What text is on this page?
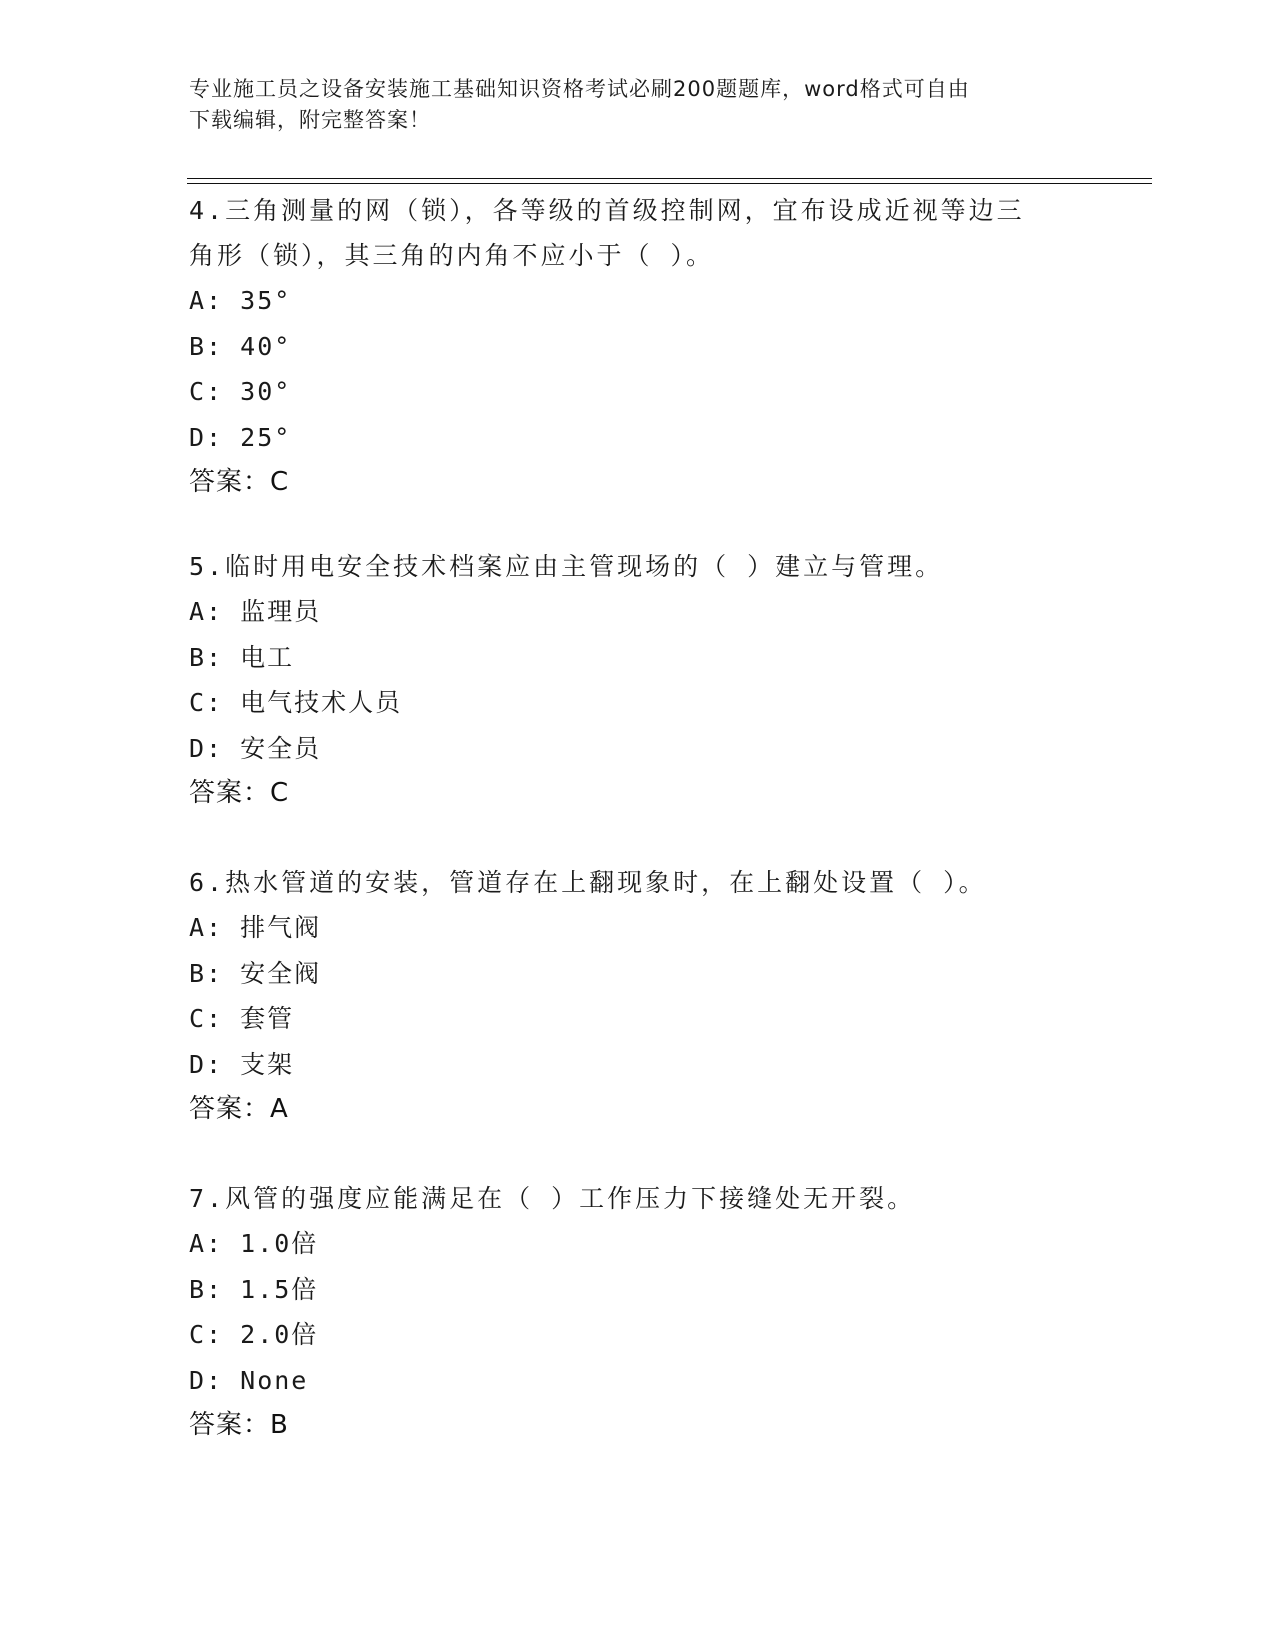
专业施工员之设备安装施工基础知识资格考试必刷200题题库，word格式可自由
下载编辑，附完整答案！

4.三角测量的网（锁），各等级的首级控制网，宜布设成近视等边三

角形（锁），其三角的内角不应小于（ ）。

A: 35°

B: 40°

C: 30°

D: 25°

答案：C

5.临时用电安全技术档案应由主管现场的（ ）建立与管理。

A: 监理员

B: 电工

C: 电气技术人员

D: 安全员

答案：C

6.热水管道的安装，管道存在上翻现象时，在上翻处设置（ ）。

A: 排气阀

B: 安全阀

C: 套管

D: 支架

答案：A

7.风管的强度应能满足在（ ）工作压力下接缝处无开裂。

A: 1.0倍

B: 1.5倍

C: 2.0倍

D: None

答案：B
